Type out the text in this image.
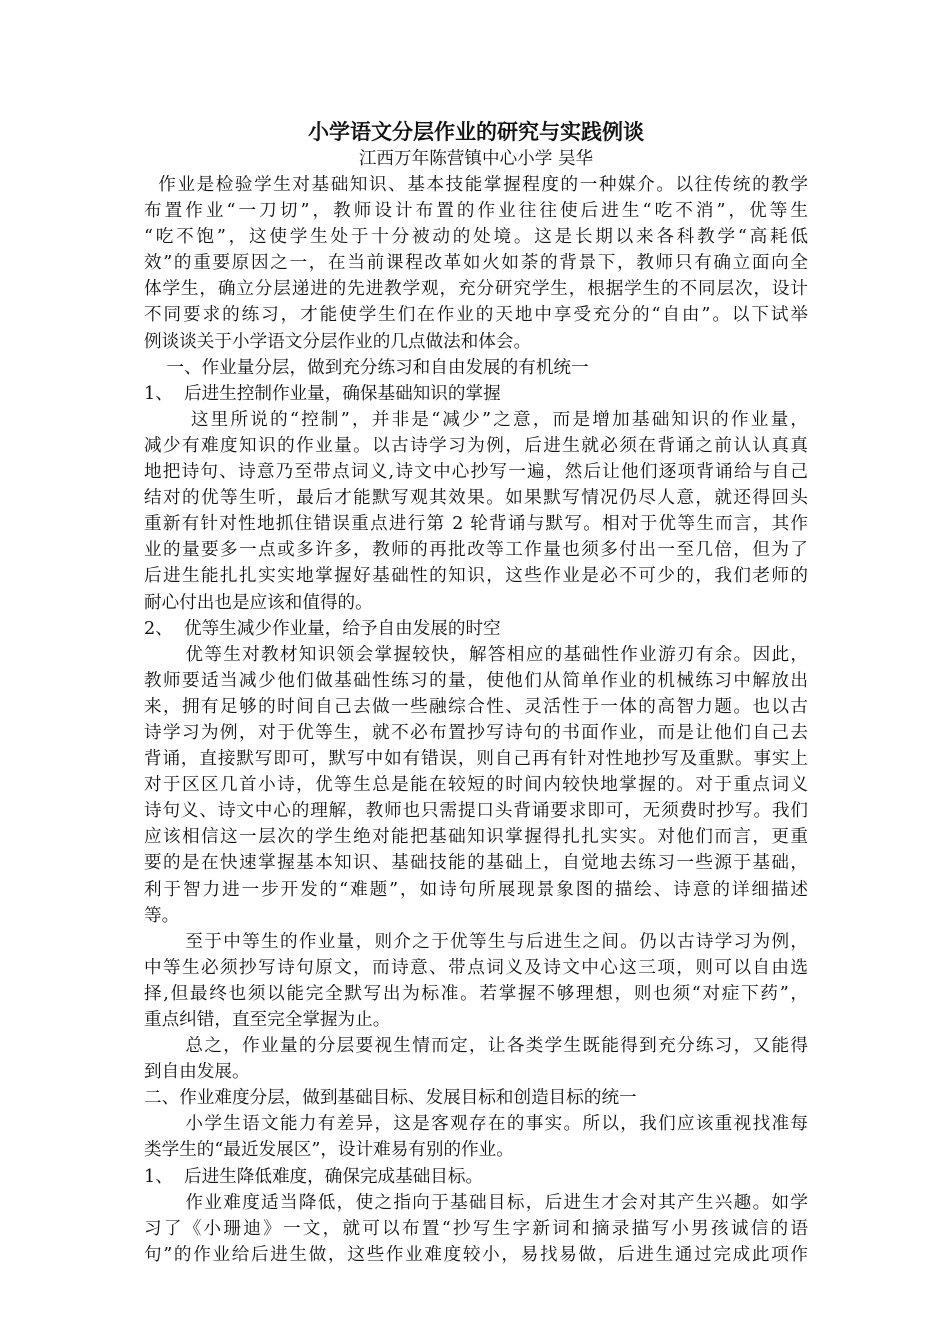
小学语文分层作业的研究与实践例谈

江西万年陈营镇中心小学 吴华

作业是检验学生对基础知识、基本技能掌握程度的一种媒介。以往传统的教学
布置作业“一刀切”，教师设计布置的作业往往使后进生“吃不消”，优等生
“吃不饱”，这使学生处于十分被动的处境。这是长期以来各科教学“高耗低
效”的重要原因之一，在当前课程改革如火如荼的背景下，教师只有确立面向全
体学生，确立分层递进的先进教学观，充分研究学生，根据学生的不同层次，设计
不同要求的练习，才能使学生们在作业的天地中享受充分的“自由”。以下试举
例谈谈关于小学语文分层作业的几点做法和体会。
一、作业量分层，做到充分练习和自由发展的有机统一
1、  后进生控制作业量，确保基础知识的掌握
这里所说的“控制”，并非是“减少”之意，而是增加基础知识的作业量，
减少有难度知识的作业量。以古诗学习为例，后进生就必须在背诵之前认认真真
地把诗句、诗意乃至带点词义,诗文中心抄写一遍，然后让他们逐项背诵给与自己
结对的优等生听，最后才能默写观其效果。如果默写情况仍尽人意，就还得回头
重新有针对性地抓住错误重点进行第 2 轮背诵与默写。相对于优等生而言，其作
业的量要多一点或多许多，教师的再批改等工作量也须多付出一至几倍，但为了
后进生能扎扎实实地掌握好基础性的知识，这些作业是必不可少的，我们老师的
耐心付出也是应该和值得的。
2、  优等生减少作业量，给予自由发展的时空
优等生对教材知识领会掌握较快，解答相应的基础性作业游刃有余。因此，
教师要适当减少他们做基础性练习的量，使他们从简单作业的机械练习中解放出
来，拥有足够的时间自己去做一些融综合性、灵活性于一体的高智力题。也以古
诗学习为例，对于优等生，就不必布置抄写诗句的书面作业，而是让他们自己去
背诵，直接默写即可，默写中如有错误，则自己再有针对性地抄写及重默。事实上
对于区区几首小诗，优等生总是能在较短的时间内较快地掌握的。对于重点词义
诗句义、诗文中心的理解，教师也只需提口头背诵要求即可，无须费时抄写。我们
应该相信这一层次的学生绝对能把基础知识掌握得扎扎实实。对他们而言，更重
要的是在快速掌握基本知识、基础技能的基础上，自觉地去练习一些源于基础，
利于智力进一步开发的“难题”，如诗句所展现景象图的描绘、诗意的详细描述
等。
至于中等生的作业量，则介之于优等生与后进生之间。仍以古诗学习为例，
中等生必须抄写诗句原文，而诗意、带点词义及诗文中心这三项，则可以自由选
择,但最终也须以能完全默写出为标准。若掌握不够理想，则也须“对症下药”，
重点纠错，直至完全掌握为止。
总之，作业量的分层要视生情而定，让各类学生既能得到充分练习，又能得
到自由发展。
二、作业难度分层，做到基础目标、发展目标和创造目标的统一
小学生语文能力有差异，这是客观存在的事实。所以，我们应该重视找准每
类学生的“最近发展区”，设计难易有别的作业。
1、  后进生降低难度，确保完成基础目标。
作业难度适当降低，使之指向于基础目标，后进生才会对其产生兴趣。如学
习了《小珊迪》一文，就可以布置“抄写生字新词和摘录描写小男孩诚信的语
句”的作业给后进生做，这些作业难度较小，易找易做，后进生通过完成此项作
